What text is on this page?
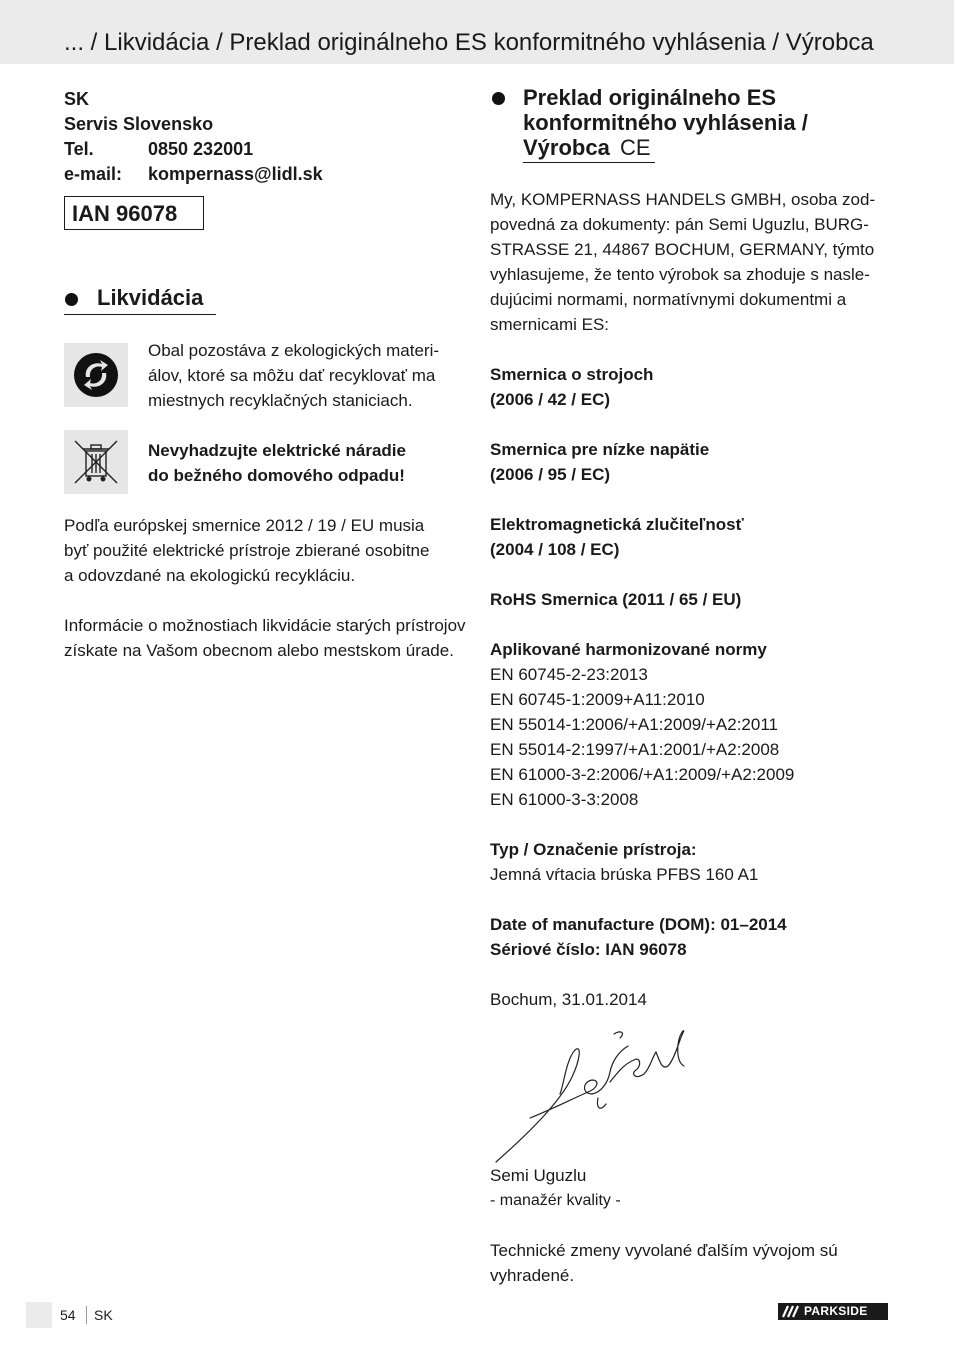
... / Likvidácia / Preklad originálneho ES konformitného vyhlásenia / Výrobca
SK
Servis Slovensko
Tel.	0850 232001
e-mail: kompernass@lidl.sk
IAN 96078
Likvidácia
Obal pozostáva z ekologických materi-
álov, ktoré sa môžu dať recyklovať ma
miestnych recyklačných staniciach.
Nevyhadzujte elektrické náradie
do bežného domového odpadu!
Podľa európskej smernice 2012 / 19 / EU musia
byť použité elektrické prístroje zbierané osobitne
a odovzdané na ekologickú recykláciu.
Informácie o možnostiach likvidácie starých prístrojov
získate na Vašom obecnom alebo mestskom úrade.
Preklad originálneho ES
konformitného vyhlásenia /
Výrobca CE
My, KOMPERNASS HANDELS GMBH, osoba zod-
povedná za dokumenty: pán Semi Uguzlu, BURG-
STRASSE 21, 44867 BOCHUM, GERMANY, týmto
vyhlasujeme, že tento výrobok sa zhoduje s nasle-
dujúcimi normami, normatívnymi dokumentmi a
smernicami ES:
Smernica o strojoch
(2006 / 42 / EC)
Smernica pre nízke napätie
(2006 / 95 / EC)
Elektromagnetická zlučiteľnosť
(2004 / 108 / EC)
RoHS Smernica (2011 / 65 / EU)
Aplikované harmonizované normy
EN 60745-2-23:2013
EN 60745-1:2009+A11:2010
EN 55014-1:2006/+A1:2009/+A2:2011
EN 55014-2:1997/+A1:2001/+A2:2008
EN 61000-3-2:2006/+A1:2009/+A2:2009
EN 61000-3-3:2008
Typ / Označenie prístroja:
Jemná vŕtacia brúska PFBS 160 A1
Date of manufacture (DOM): 01–2014
Sériové číslo: IAN 96078
Bochum, 31.01.2014
Semi Uguzlu
- manažér kvality -
Technické zmeny vyvolané ďalším vývojom sú
vyhradené.
54 SK	PARKSIDE
